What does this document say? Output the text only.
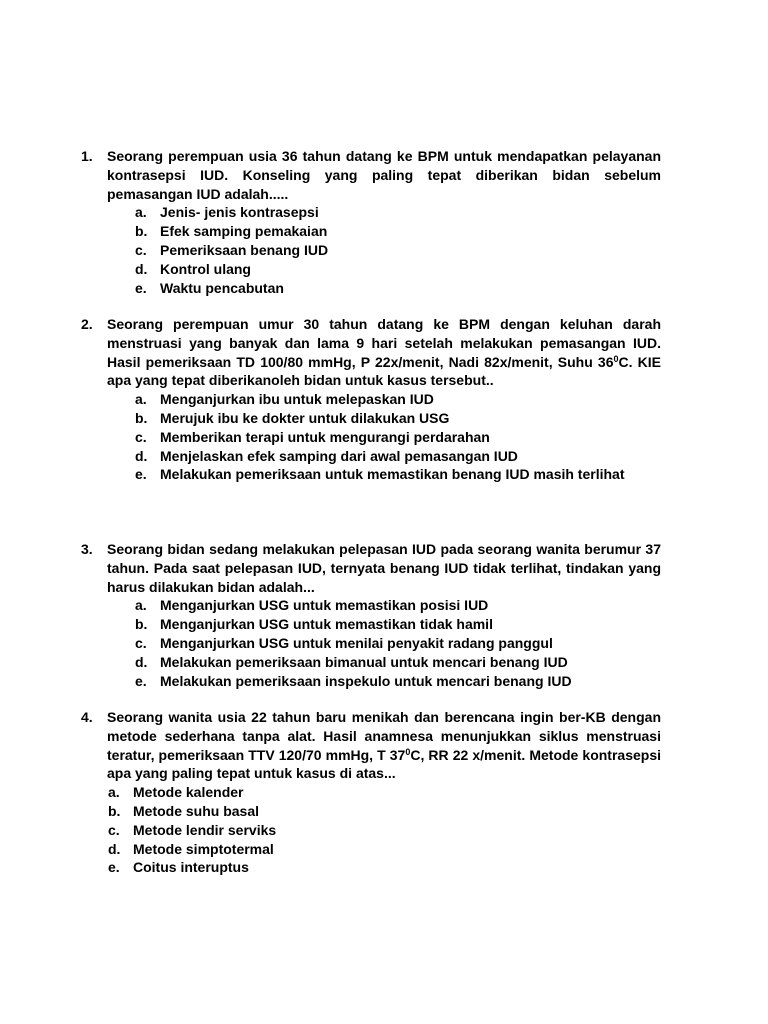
1.	Seorang perempuan usia 36 tahun datang ke BPM untuk mendapatkan pelayanan kontrasepsi IUD. Konseling yang paling tepat diberikan bidan sebelum pemasangan IUD adalah.....
a. Jenis- jenis kontrasepsi
b. Efek samping pemakaian
c. Pemeriksaan benang IUD
d. Kontrol ulang
e. Waktu pencabutan
2.	Seorang perempuan umur 30 tahun datang ke BPM dengan keluhan darah menstruasi yang banyak dan lama 9 hari setelah melakukan pemasangan IUD. Hasil pemeriksaan TD 100/80 mmHg, P 22x/menit, Nadi 82x/menit, Suhu $36^0C$. KIE apa yang tepat diberikanoleh bidan untuk kasus tersebut..
a. Menganjurkan ibu untuk melepaskan IUD
b. Merujuk ibu ke dokter untuk dilakukan USG
c. Memberikan terapi untuk mengurangi perdarahan
d. Menjelaskan efek samping dari awal pemasangan IUD
e. Melakukan pemeriksaan untuk memastikan benang IUD masih terlihat
3.	Seorang bidan sedang melakukan pelepasan IUD pada seorang wanita berumur 37 tahun. Pada saat pelepasan IUD, ternyata benang IUD tidak terlihat, tindakan yang harus dilakukan bidan adalah...
a. Menganjurkan USG untuk memastikan posisi IUD
b. Menganjurkan USG untuk memastikan tidak hamil
c. Menganjurkan USG untuk menilai penyakit radang panggul
d. Melakukan pemeriksaan bimanual untuk mencari benang IUD
e. Melakukan pemeriksaan inspekulo untuk mencari benang IUD
4.	Seorang wanita usia 22 tahun baru menikah dan berencana ingin ber-KB dengan metode sederhana tanpa alat. Hasil anamnesa menunjukkan siklus menstruasi teratur, pemeriksaan TTV 120/70 mmHg, T $37^0C$, RR 22 x/menit. Metode kontrasepsi apa yang paling tepat untuk kasus di atas...
a. Metode kalender
b. Metode suhu basal
c. Metode lendir serviks
d. Metode simptotermal
e. Coitus interuptus
